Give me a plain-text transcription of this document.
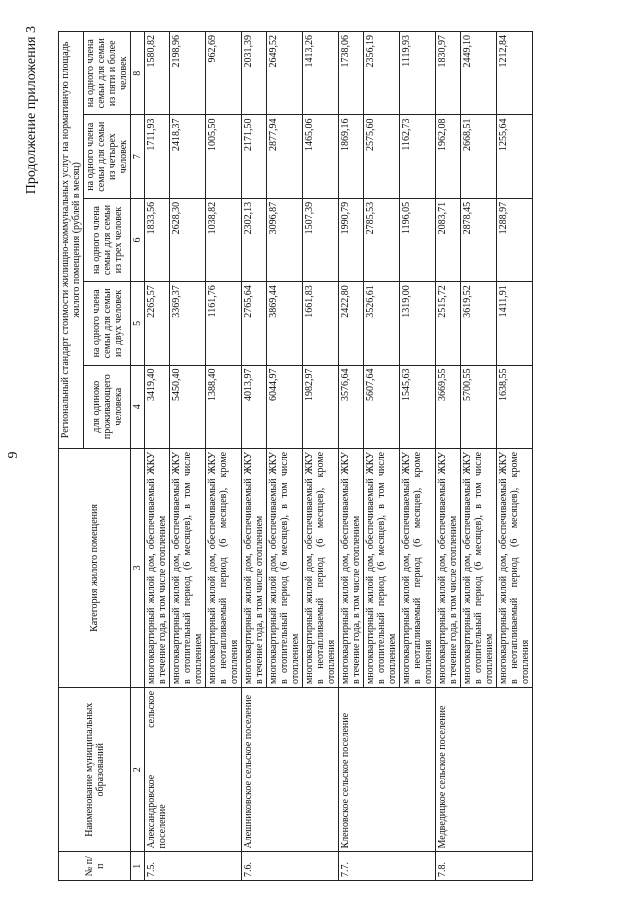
9
Продолжение приложения 3
№ п/п	Наименование муниципальных образований	Категория жилого помещения	Региональный стандарт стоимости жилищно-коммунальных услуг на нормативную площадь жилого помещения (рублей в месяц)				
			для одиноко проживающего человека	на одного члена семьи для семьи из двух человек	на одного члена семьи для семьи из трех человек	на одного члена семьи для семьи из четырех человек	на одного члена семьи для семьи из пяти и более человек
1	2	3	4	5	6	7	8
7.5.	Александровское сельское поселение	многоквартирный жилой дом, обеспечиваемый ЖКУ в течение года, в том числе отоплением	3419,40	2265,57	1833,56	1711,93	1580,82
		многоквартирный жилой дом, обеспечиваемый ЖКУ в отопительный период (6 месяцев), в том числе отоплением	5450,40	3369,37	2628,30	2418,37	2198,96
		многоквартирный жилой дом, обеспечиваемый ЖКУ в неотапливаемый период (6 месяцев), кроме отопления	1388,40	1161,76	1038,82	1005,50	962,69
7.6.	Алешниковское сельское поселение	многоквартирный жилой дом, обеспечиваемый ЖКУ в течение года, в том числе отоплением	4013,97	2765,64	2302,13	2171,50	2031,39
		многоквартирный жилой дом, обеспечиваемый ЖКУ в отопительный период (6 месяцев), в том числе отоплением	6044,97	3869,44	3096,87	2877,94	2649,52
		многоквартирный жилой дом, обеспечиваемый ЖКУ в неотапливаемый период (6 месяцев), кроме отопления	1982,97	1661,83	1507,39	1465,06	1413,26
7.7.	Кленовское сельское поселение	многоквартирный жилой дом, обеспечиваемый ЖКУ в течение года, в том числе отоплением	3576,64	2422,80	1990,79	1869,16	1738,06
		многоквартирный жилой дом, обеспечиваемый ЖКУ в отопительный период (6 месяцев), в том числе отоплением	5607,64	3526,61	2785,53	2575,60	2356,19
		многоквартирный жилой дом, обеспечиваемый ЖКУ в неотапливаемый период (6 месяцев), кроме отопления	1545,63	1319,00	1196,05	1162,73	1119,93
7.8.	Медведицкое сельское поселение	многоквартирный жилой дом, обеспечиваемый ЖКУ в течение года, в том числе отоплением	3669,55	2515,72	2083,71	1962,08	1830,97
		многоквартирный жилой дом, обеспечиваемый ЖКУ в отопительный период (6 месяцев), в том числе отоплением	5700,55	3619,52	2878,45	2668,51	2449,10
		многоквартирный жилой дом, обеспечиваемый ЖКУ в неотапливаемый период (6 месяцев), кроме отопления	1638,55	1411,91	1288,97	1255,64	1212,84
